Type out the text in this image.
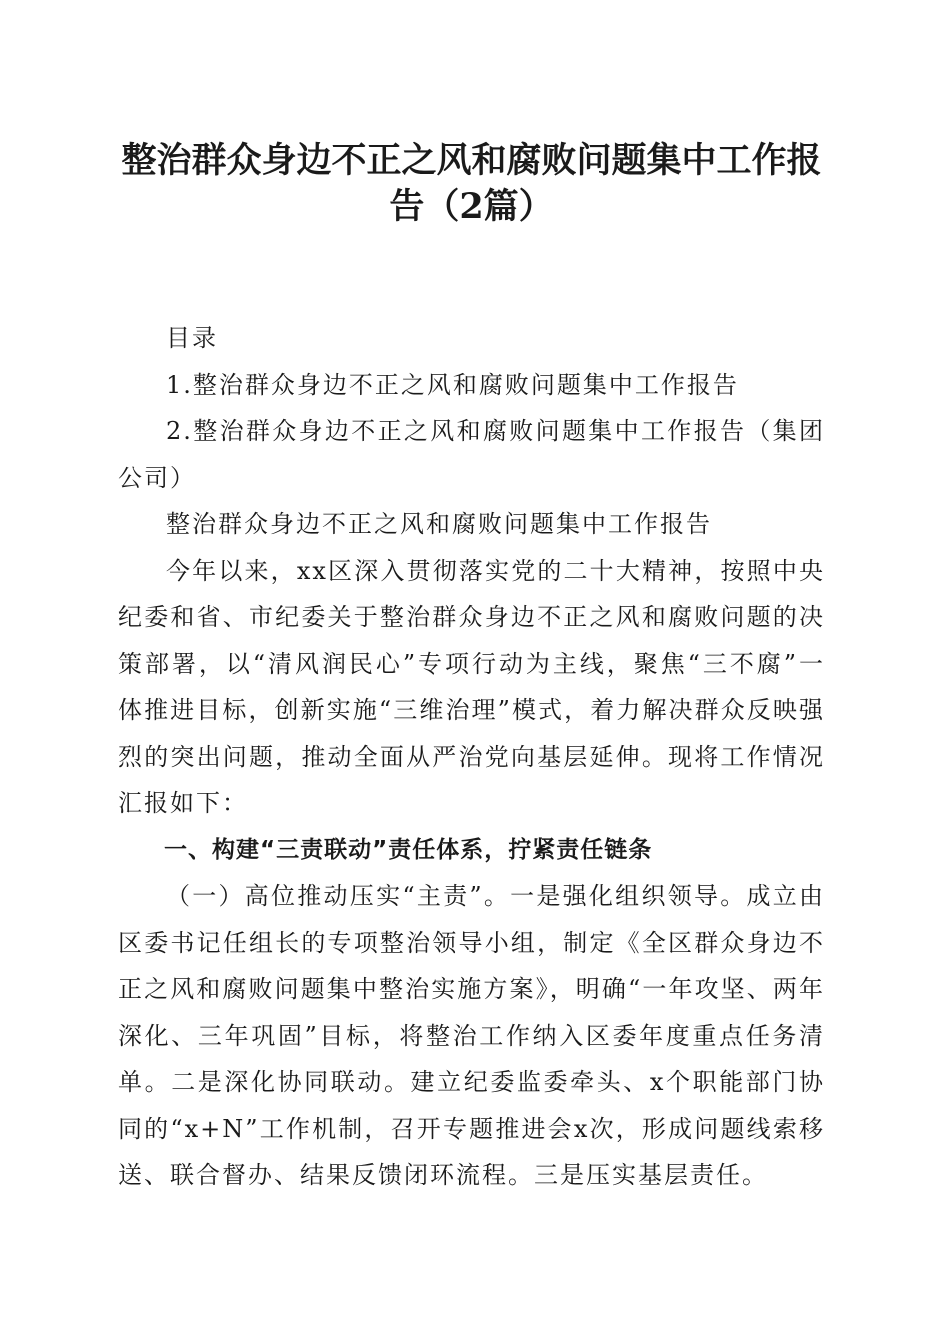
整治群众身边不正之风和腐败问题集中工作报
告（2篇）

目录

1.整治群众身边不正之风和腐败问题集中工作报告

2.整治群众身边不正之风和腐败问题集中工作报告（集团公司）

整治群众身边不正之风和腐败问题集中工作报告

今年以来，xx区深入贯彻落实党的二十大精神，按照中央纪委和省、市纪委关于整治群众身边不正之风和腐败问题的决策部署，以“清风润民心”专项行动为主线，聚焦“三不腐”一体推进目标，创新实施“三维治理”模式，着力解决群众反映强烈的突出问题，推动全面从严治党向基层延伸。现将工作情况汇报如下：

一、构建“三责联动”责任体系，拧紧责任链条

（一）高位推动压实“主责”。一是强化组织领导。成立由区委书记任组长的专项整治领导小组，制定《全区群众身边不正之风和腐败问题集中整治实施方案》，明确“一年攻坚、两年深化、三年巩固”目标，将整治工作纳入区委年度重点任务清单。二是深化协同联动。建立纪委监委牵头、x个职能部门协同的“x+N”工作机制，召开专题推进会x次，形成问题线索移送、联合督办、结果反馈闭环流程。三是压实基层责任。
